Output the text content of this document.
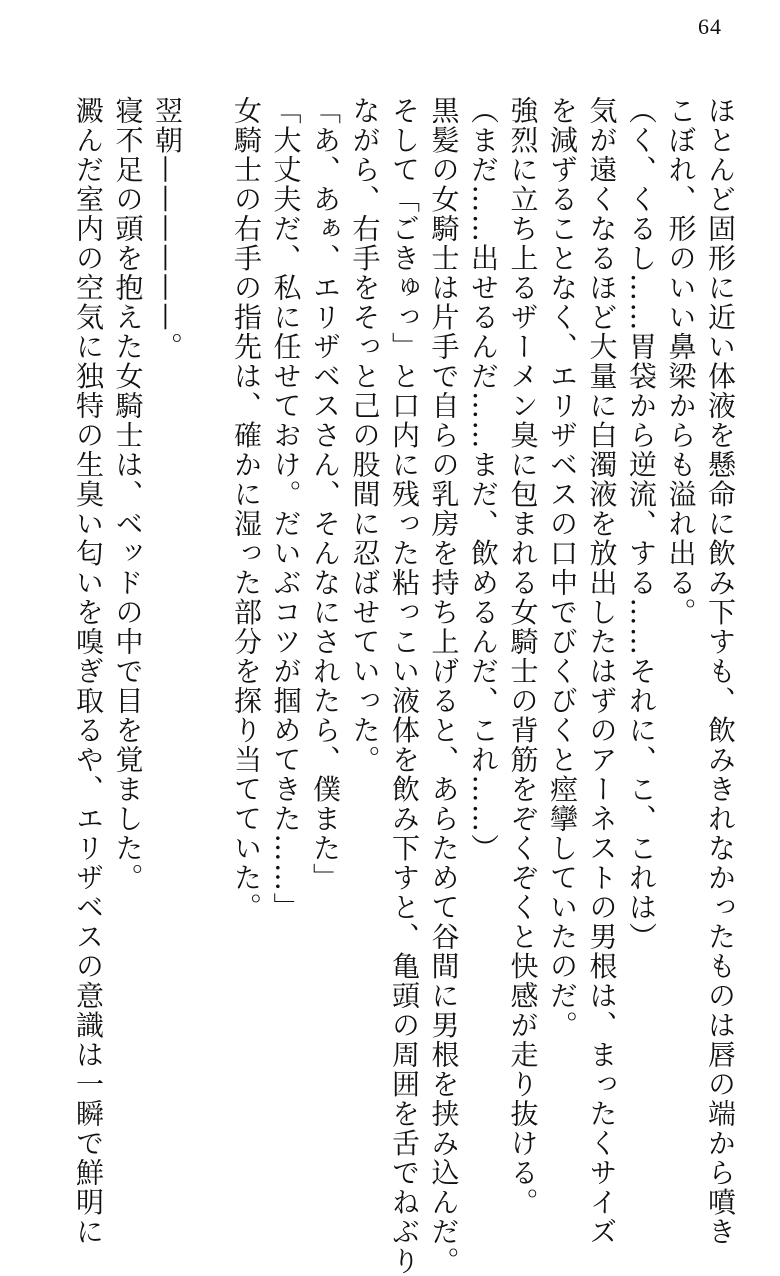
64
ほとんど固形に近い体液を懸命に飲み下すも、飲みきれなかったものは唇の端から噴き
こぼれ、形のいい鼻梁からも溢れ出る。
（く、くるし……胃袋から逆流、する……それに、こ、これは）
気が遠くなるほど大量に白濁液を放出したはずのアーネストの男根は、まったくサイズ
を減ずることなく、エリザベスの口中でびくびくと痙攣していたのだ。
強烈に立ち上るザーメン臭に包まれる女騎士の背筋をぞくぞくと快感が走り抜ける。
（まだ……出せるんだ……まだ、飲めるんだ、これ……）
黒髪の女騎士は片手で自らの乳房を持ち上げると、あらためて谷間に男根を挟み込んだ。
そして「ごきゅっ」と口内に残った粘っこい液体を飲み下すと、亀頭の周囲を舌でねぶり
ながら、右手をそっと己の股間に忍ばせていった。
「あ、あぁ、エリザベスさん、そんなにされたら、僕また」
「大丈夫だ、私に任せておけ。だいぶコツが掴めてきた……」
女騎士の右手の指先は、確かに湿った部分を探り当てていた。
翌朝——————。
寝不足の頭を抱えた女騎士は、ベッドの中で目を覚ました。
澱んだ室内の空気に独特の生臭い匂いを嗅ぎ取るや、エリザベスの意識は一瞬で鮮明に
